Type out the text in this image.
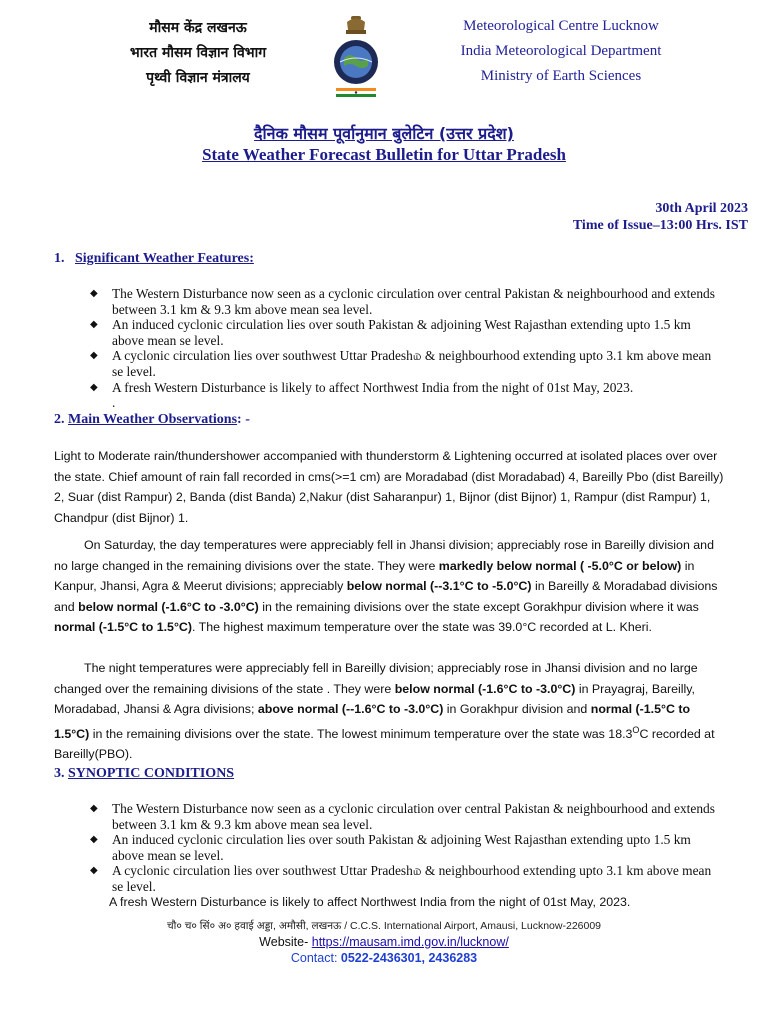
मौसम केंद्र लखनऊ
भारत मौसम विज्ञान विभाग
पृथ्वी विज्ञान मंत्रालय
Meteorological Centre Lucknow
India Meteorological Department
Ministry of Earth Sciences
दैनिक मौसम पूर्वानुमान बुलेटिन (उत्तर प्रदेश)
State Weather Forecast Bulletin for Uttar Pradesh
30th April 2023
Time of Issue–13:00 Hrs. IST
1. Significant Weather Features:
◆ The Western Disturbance now seen as a cyclonic circulation over central Pakistan & neighbourhood and extends between 3.1 km & 9.3 km above mean sea level.
◆ An induced cyclonic circulation lies over south Pakistan & adjoining West Rajasthan extending upto 1.5 km above mean se level.
◆ A cyclonic circulation lies over southwest Uttar Pradesh௰ & neighbourhood extending upto 3.1 km above mean se level.
◆ A fresh Western Disturbance is likely to affect Northwest India from the night of 01st May, 2023.
.
2. Main Weather Observations: -
Light to Moderate rain/thundershower accompanied with thunderstorm & Lightening occurred at isolated places over over the state. Chief amount of rain fall recorded in cms(>=1 cm) are Moradabad (dist Moradabad) 4, Bareilly Pbo (dist Bareilly) 2, Suar (dist Rampur) 2, Banda (dist Banda) 2,Nakur (dist Saharanpur) 1, Bijnor (dist Bijnor) 1, Rampur (dist Rampur) 1, Chandpur (dist Bijnor) 1.
On Saturday, the day temperatures were appreciably fell in Jhansi division; appreciably rose in Bareilly division and no large changed in the remaining divisions over the state. They were markedly below normal ( -5.0°C or below) in Kanpur, Jhansi, Agra & Meerut divisions; appreciably below normal (--3.1°C to -5.0°C) in Bareilly & Moradabad divisions and below normal (-1.6°C to -3.0°C) in the remaining divisions over the state except Gorakhpur division where it was normal (-1.5°C to 1.5°C). The highest maximum temperature over the state was 39.0°C recorded at L. Kheri.
The night temperatures were appreciably fell in Bareilly division; appreciably rose in Jhansi division and no large changed over the remaining divisions of the state . They were below normal (-1.6°C to -3.0°C) in Prayagraj, Bareilly, Moradabad, Jhansi & Agra divisions; above normal (--1.6°C to -3.0°C) in Gorakhpur division and normal (-1.5°C to 1.5°C) in the remaining divisions over the state. The lowest minimum temperature over the state was $18.3^OC$ recorded at Bareilly(PBO).
3. SYNOPTIC CONDITIONS
◆ The Western Disturbance now seen as a cyclonic circulation over central Pakistan & neighbourhood and extends between 3.1 km & 9.3 km above mean sea level.
◆ An induced cyclonic circulation lies over south Pakistan & adjoining West Rajasthan extending upto 1.5 km above mean se level.
◆ A cyclonic circulation lies over southwest Uttar Pradesh௰ & neighbourhood extending upto 3.1 km above mean se level.
A fresh Western Disturbance is likely to affect Northwest India from the night of 01st May, 2023.
चौ० च० सिं० अ० हवाई अड्डा, अमौसी, लखनऊ / C.C.S. International Airport, Amausi, Lucknow-226009
Website- https://mausam.imd.gov.in/lucknow/
Contact: 0522-2436301, 2436283
